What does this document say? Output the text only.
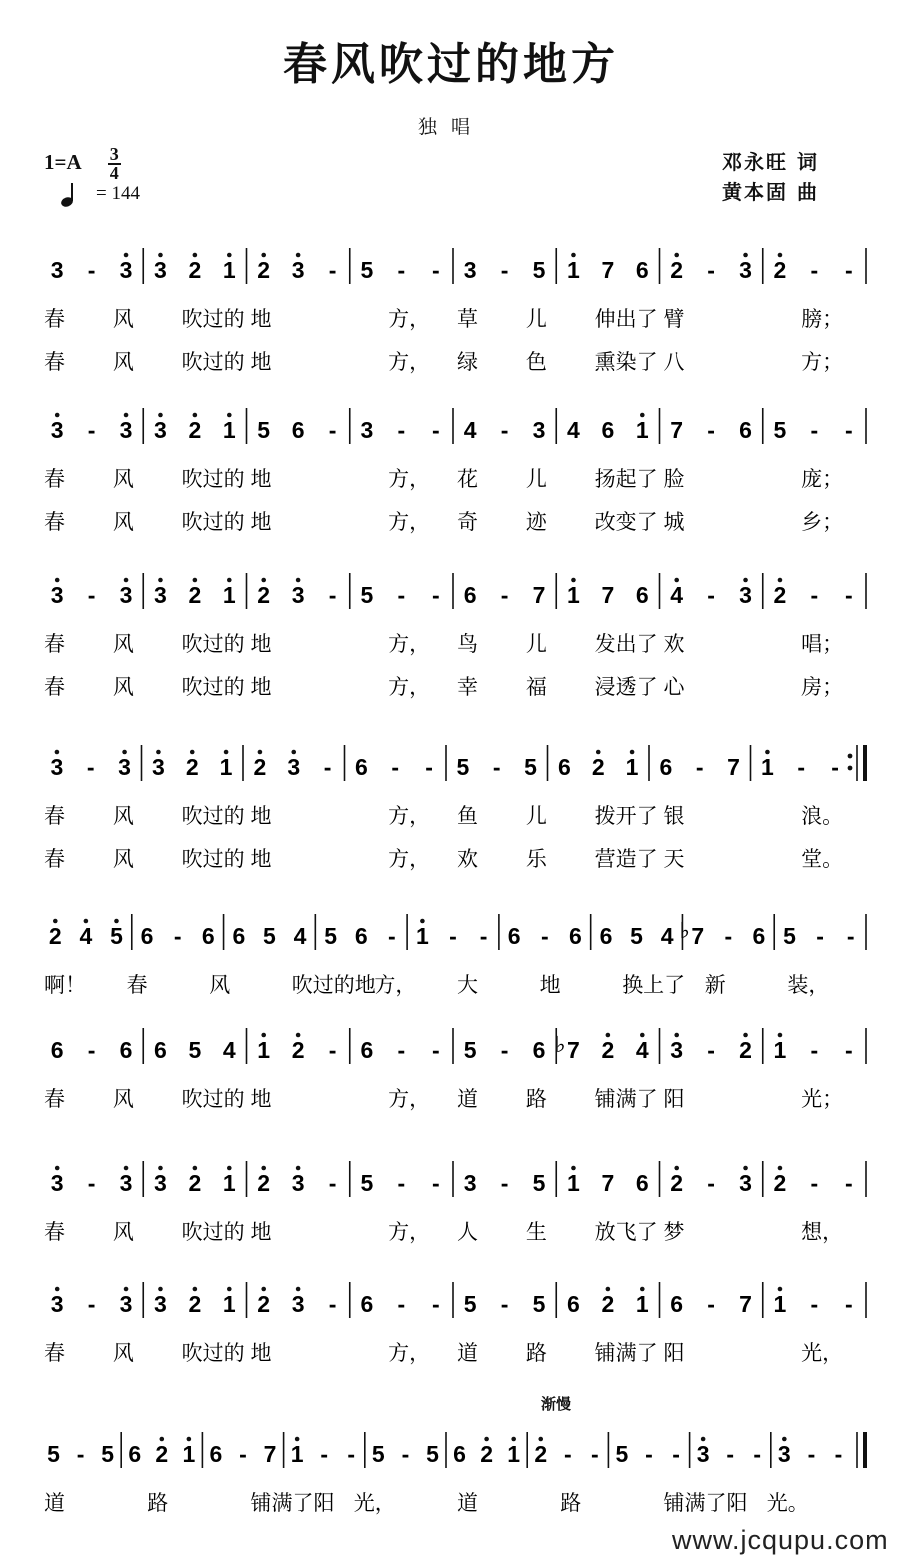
春风吹过的地方
独唱
$1=A \frac{3}{4}$
= 144
邓永旺 词
黄本固 曲
渐慢
3 - 3 3 2 1 2 3 - 5 - - 3 - 5 1 7 6 2 - 3 2 - -
春 风 吹过的 地	方， 草 儿 伸出了 臂	膀；
春 风 吹过的 地	方， 绿 色 熏染了 八	方；
3 - 3 3 2 1 5 6 - 3 - - 4 - 3 4 6 1 7 - 6 5 - -
春 风 吹过的 地	方， 花 儿 扬起了 脸	庞；
春 风 吹过的 地	方， 奇 迹 改变了 城	乡；
3 - 3 3 2 1 2 3 - 5 - - 6 - 7 1 7 6 4 - 3 2 - -
春 风 吹过的 地	方， 鸟 儿 发出了 欢	唱；
春 风 吹过的 地	方， 幸 福 浸透了 心	房；
3 - 3 3 2 1 2 3 - 6 - - 5 - 5 6 2 1 6 - 7 1 - -
春 风 吹过的 地	方， 鱼 儿 拨开了 银	浪。
春 风 吹过的 地	方， 欢 乐 营造了 天	堂。
2 4 5 6 - 6 6 5 4 5 6 - 1 - - 6 - 6 6 5 4 7
♭ - 6 5 - -
啊！ 春	风	吹过的地
方， 大	地	换上了 新	装，
6 - 6 6 5 4 1 2 - 6 - - 5 - 6 7
♭ 2 4 3 - 2 1 - -
春 风 吹过的 地	方， 道 路 铺满了 阳	光；
3 - 3 3 2 1 2 3 - 5 - - 3 - 5 1 7 6 2 - 3 2 - -
春 风 吹过的 地	方， 人 生 放飞了 梦	想，
3 - 3 3 2 1 2 3 - 6 - - 5 - 5 6 2 1 6 - 7 1 - -
春 风 吹过的 地	方， 道 路 铺满了 阳	光，
5 - 5 6 2 1 6 - 7 1 - - 5 - 5 6 2 1 2 - - 5 - - 3 - - 3 - -
道	路	铺满了阳 光，	道	路	铺满了阳 光。
www.jcqupu.com
